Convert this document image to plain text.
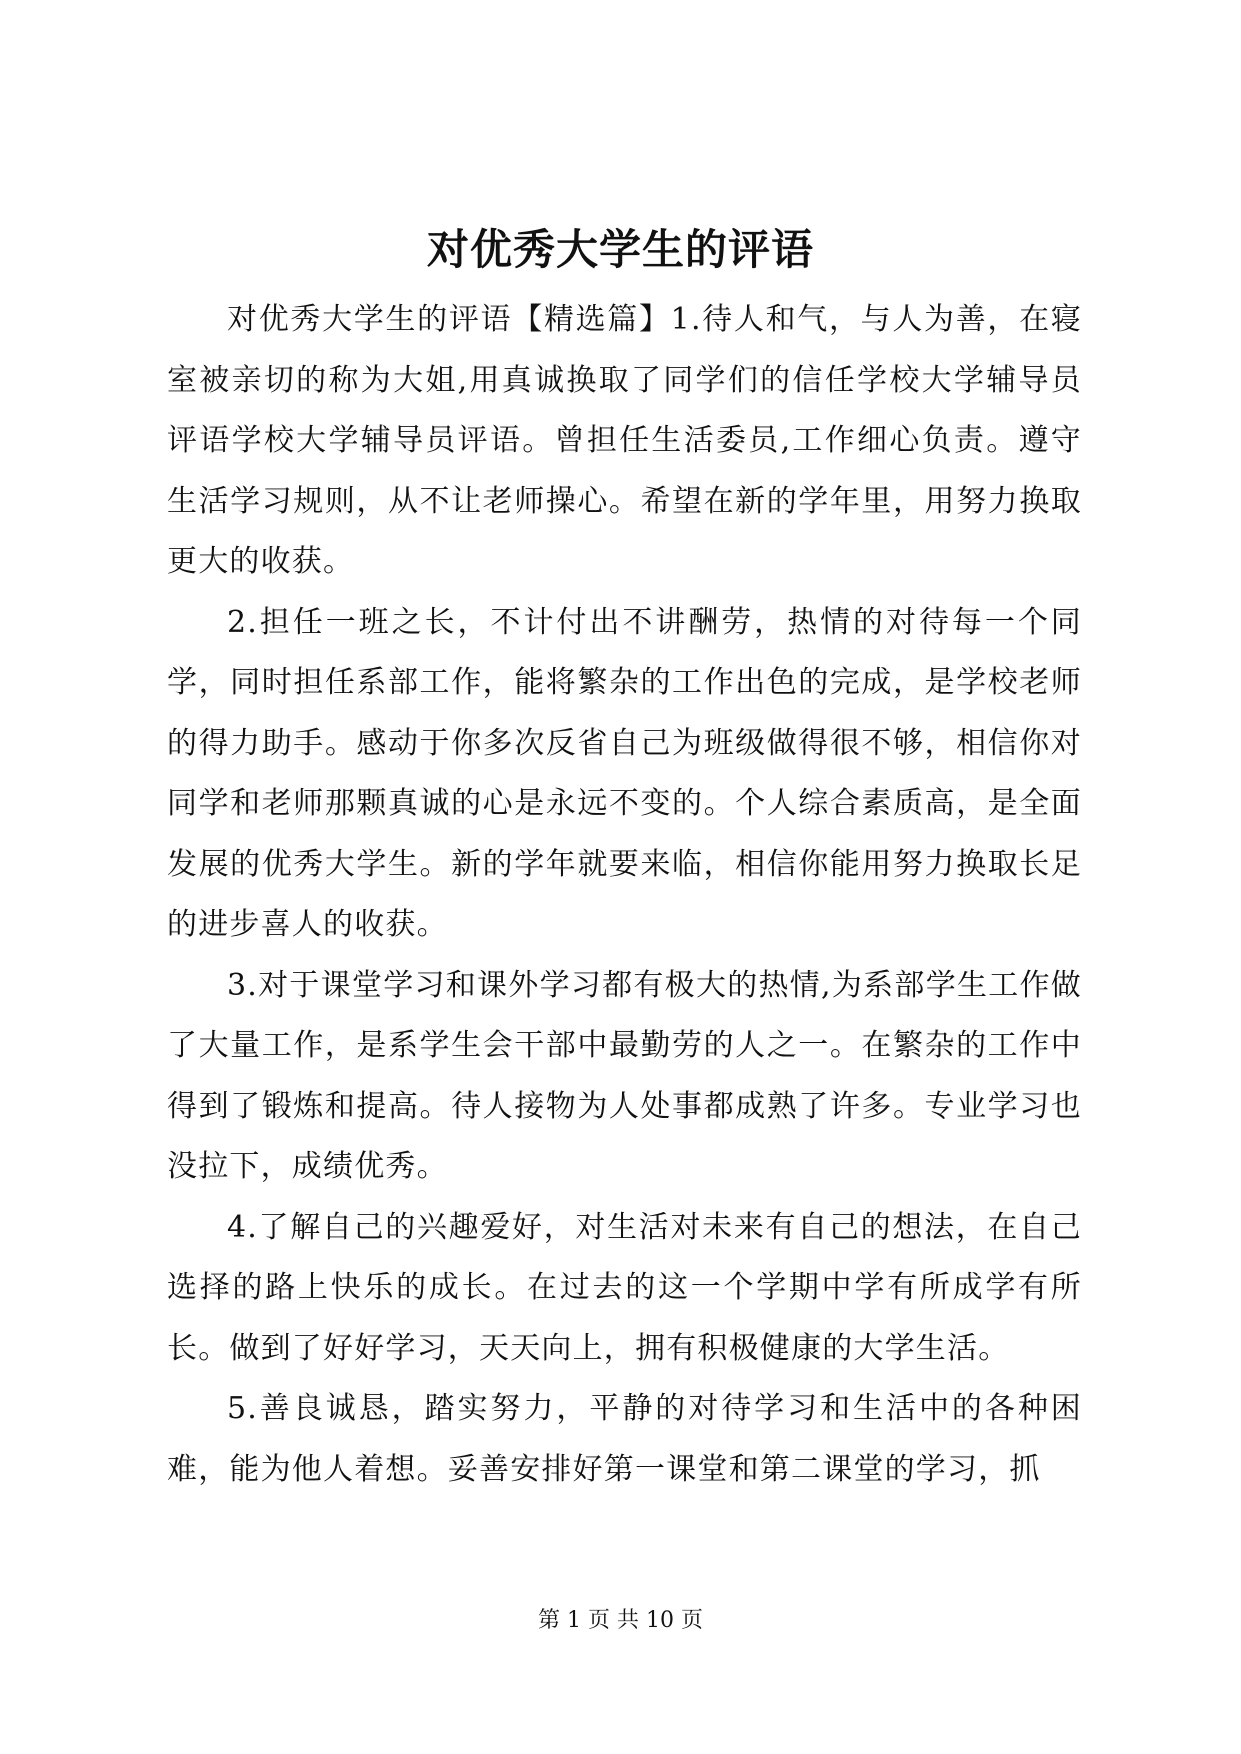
对优秀大学生的评语

对优秀大学生的评语【精选篇】1.待人和气，与人为善，在寝室被亲切的称为大姐,用真诚换取了同学们的信任学校大学辅导员评语学校大学辅导员评语。曾担任生活委员,工作细心负责。遵守生活学习规则，从不让老师操心。希望在新的学年里，用努力换取更大的收获。

2.担任一班之长，不计付出不讲酬劳，热情的对待每一个同学，同时担任系部工作，能将繁杂的工作出色的完成，是学校老师的得力助手。感动于你多次反省自己为班级做得很不够，相信你对同学和老师那颗真诚的心是永远不变的。个人综合素质高，是全面发展的优秀大学生。新的学年就要来临，相信你能用努力换取长足的进步喜人的收获。

3.对于课堂学习和课外学习都有极大的热情,为系部学生工作做了大量工作，是系学生会干部中最勤劳的人之一。在繁杂的工作中得到了锻炼和提高。待人接物为人处事都成熟了许多。专业学习也没拉下，成绩优秀。

4.了解自己的兴趣爱好，对生活对未来有自己的想法，在自己选择的路上快乐的成长。在过去的这一个学期中学有所成学有所长。做到了好好学习，天天向上，拥有积极健康的大学生活。

5.善良诚恳，踏实努力，平静的对待学习和生活中的各种困难，能为他人着想。妥善安排好第一课堂和第二课堂的学习，抓

第 1 页 共 10 页
